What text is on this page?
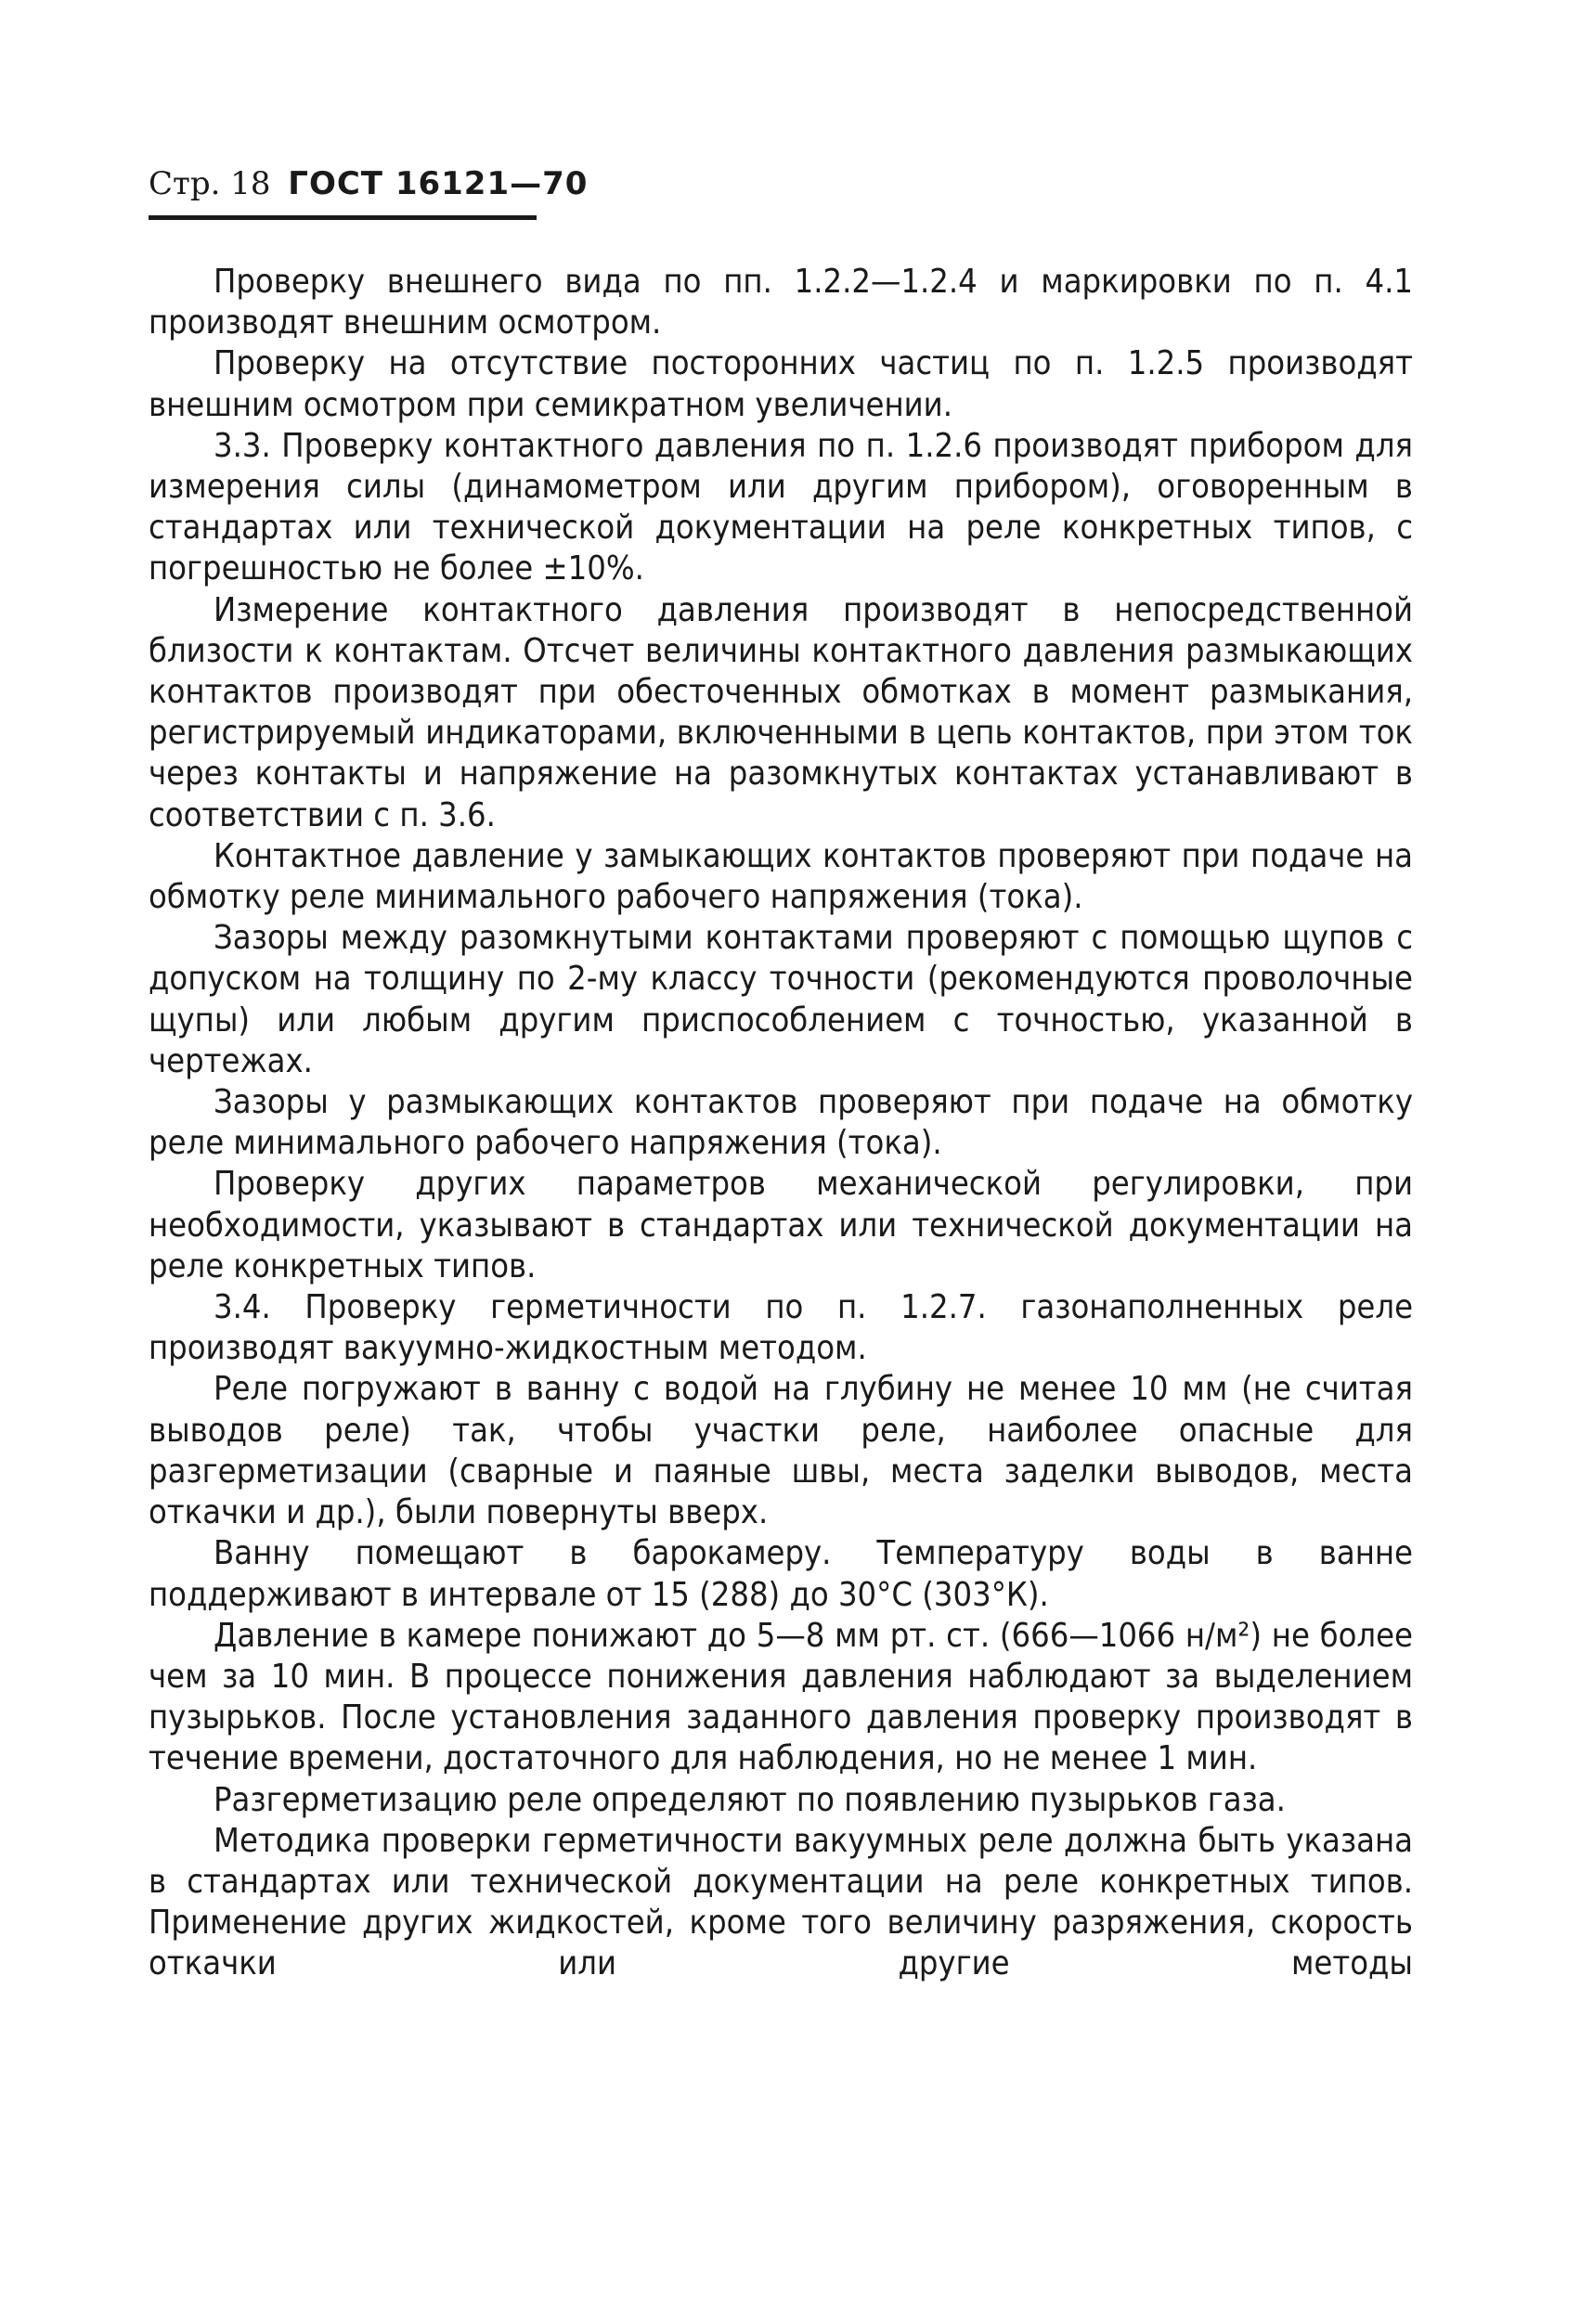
Стр. 18 ГОСТ 16121—70

Проверку внешнего вида по пп. 1.2.2—1.2.4 и маркировки по п. 4.1 производят внешним осмотром.

Проверку на отсутствие посторонних частиц по п. 1.2.5 производят внешним осмотром при семикратном увеличении.

3.3. Проверку контактного давления по п. 1.2.6 производят прибором для измерения силы (динамометром или другим прибором), оговоренным в стандартах или технической документации на реле конкретных типов, с погрешностью не более ±10%.

Измерение контактного давления производят в непосредственной близости к контактам. Отсчет величины контактного давления размыкающих контактов производят при обесточенных обмотках в момент размыкания, регистрируемый индикаторами, включенными в цепь контактов, при этом ток через контакты и напряжение на разомкнутых контактах устанавливают в соответствии с п. 3.6.

Контактное давление у замыкающих контактов проверяют при подаче на обмотку реле минимального рабочего напряжения (тока).

Зазоры между разомкнутыми контактами проверяют с помощью щупов с допуском на толщину по 2-му классу точности (рекомендуются проволочные щупы) или любым другим приспособлением с точностью, указанной в чертежах.

Зазоры у размыкающих контактов проверяют при подаче на обмотку реле минимального рабочего напряжения (тока).

Проверку других параметров механической регулировки, при необходимости, указывают в стандартах или технической документации на реле конкретных типов.

3.4. Проверку герметичности по п. 1.2.7. газонаполненных реле производят вакуумно-жидкостным методом.

Реле погружают в ванну с водой на глубину не менее 10 мм (не считая выводов реле) так, чтобы участки реле, наиболее опасные для разгерметизации (сварные и паяные швы, места заделки выводов, места откачки и др.), были повернуты вверх.

Ванну помещают в барокамеру. Температуру воды в ванне поддерживают в интервале от 15 (288) до 30°С (303°К).

Давление в камере понижают до 5—8 мм рт. ст. (666—1066 н/м²) не более чем за 10 мин. В процессе понижения давления наблюдают за выделением пузырьков. После установления заданного давления проверку производят в течение времени, достаточного для наблюдения, но не менее 1 мин.

Разгерметизацию реле определяют по появлению пузырьков газа.

Методика проверки герметичности вакуумных реле должна быть указана в стандартах или технической документации на реле конкретных типов. Применение других жидкостей, кроме того величину разряжения, скорость откачки или другие методы
